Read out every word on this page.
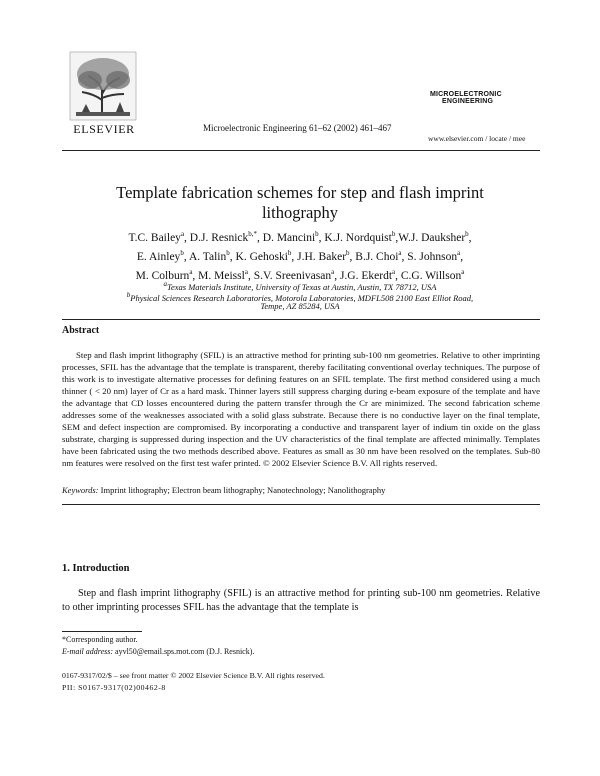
ELSEVIER	Microelectronic Engineering 61–62 (2002) 461–467
MICROELECTRONIC
ENGINEERING
www.elsevier.com / locate / mee
Template fabrication schemes for step and flash imprint
lithography
T.C. Bailey$^a$, D.J. Resnick$^{b,*}$, D. Mancini$^b$, K.J. Nordquist$^b$,W.J. Dauksher$^b$,
E. Ainley$^b$, A. Talin$^b$, K. Gehoski$^b$, J.H. Baker$^b$, B.J. Choi$^a$, S. Johnson$^a$,
M. Colburn$^a$, M. Meissl$^a$, S.V. Sreenivasan$^a$, J.G. Ekerdt$^a$, C.G. Willson$^a$
$^a$Texas Materials Institute, University of Texas at Austin, Austin, TX 78712, USA
$^b$Physical Sciences Research Laboratories, Motorola Laboratories, MDFL508 2100 East Elliot Road,
Tempe, AZ 85284, USA
Abstract
Step and flash imprint lithography (SFIL) is an attractive method for printing sub-100 nm geometries. Relative to other imprinting processes, SFIL has the advantage that the template is transparent, thereby facilitating conventional overlay techniques. The purpose of this work is to investigate alternative processes for defining features on an SFIL template. The first method considered using a much thinner ( < 20 nm) layer of Cr as a hard mask. Thinner layers still suppress charging during e-beam exposure of the template and have the advantage that CD losses encountered during the pattern transfer through the Cr are minimized. The second fabrication scheme addresses some of the weaknesses associated with a solid glass substrate. Because there is no conductive layer on the final template, SEM and defect inspection are compromised. By incorporating a conductive and transparent layer of indium tin oxide on the glass substrate, charging is suppressed during inspection and the UV characteristics of the final template are affected minimally. Templates have been fabricated using the two methods described above. Features as small as 30 nm have been resolved on the templates. Sub-80 nm features were resolved on the first test wafer printed. © 2002 Elsevier Science B.V. All rights reserved.
Keywords: Imprint lithography; Electron beam lithography; Nanotechnology; Nanolithography
1. Introduction
Step and flash imprint lithography (SFIL) is an attractive method for printing sub-100 nm geometries. Relative to other imprinting processes SFIL has the advantage that the template is
*Corresponding author.
E-mail address: ayvl50@email.sps.mot.com (D.J. Resnick).
0167-9317/02/$ – see front matter © 2002 Elsevier Science B.V. All rights reserved.
PII: S0167-9317(02)00462-8
